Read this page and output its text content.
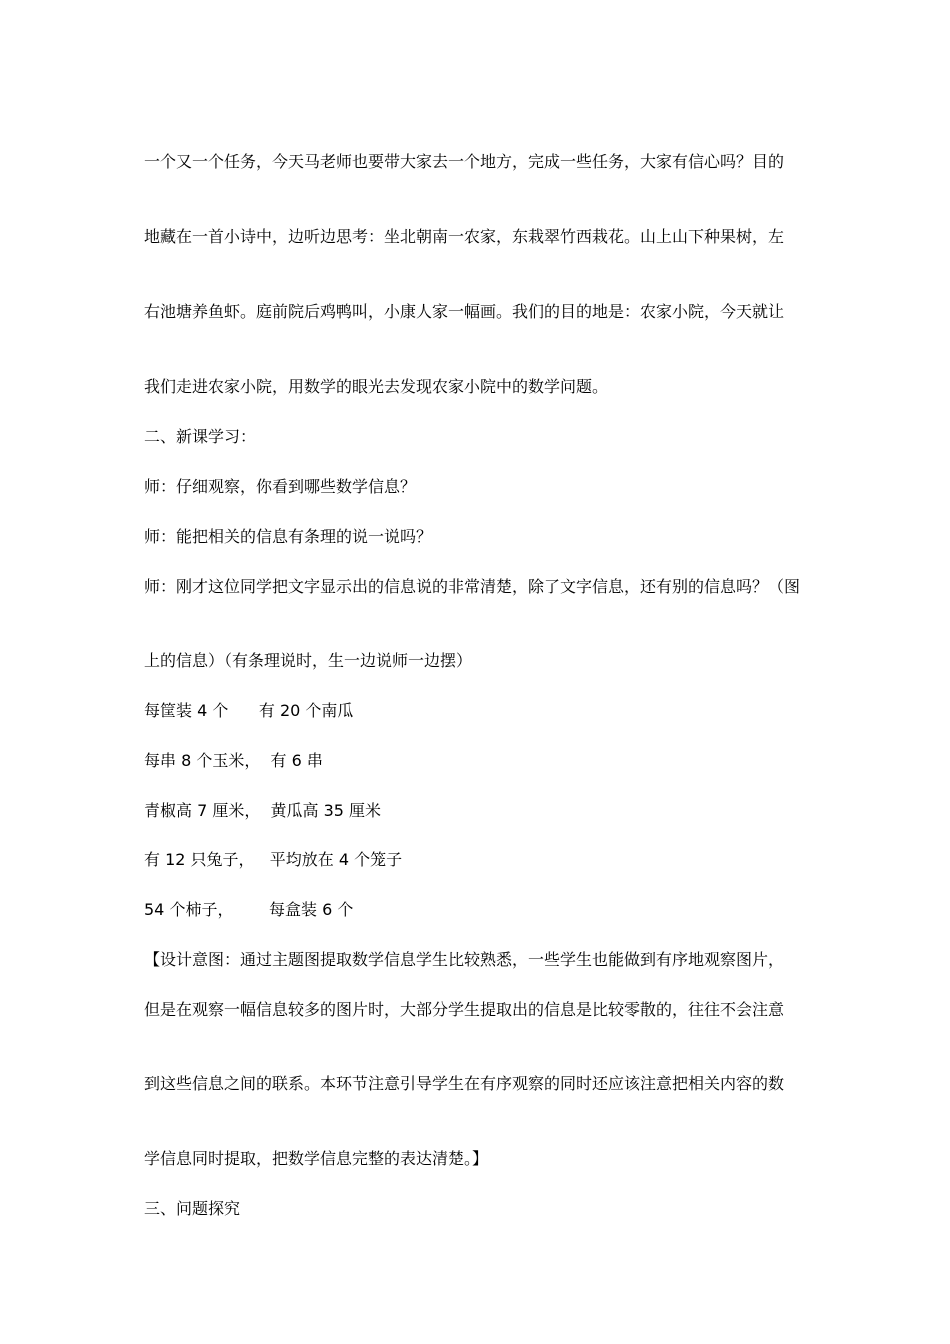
一个又一个任务，今天马老师也要带大家去一个地方，完成一些任务，大家有信心吗？目的
地藏在一首小诗中，边听边思考：坐北朝南一农家，东栽翠竹西栽花。山上山下种果树，左
右池塘养鱼虾。庭前院后鸡鸭叫，小康人家一幅画。我们的目的地是：农家小院，今天就让
我们走进农家小院，用数学的眼光去发现农家小院中的数学问题。
二、新课学习：
师：仔细观察，你看到哪些数学信息？
师：能把相关的信息有条理的说一说吗？
师：刚才这位同学把文字显示出的信息说的非常清楚，除了文字信息，还有别的信息吗？（图
上的信息）（有条理说时，生一边说师一边摆）
每筐装 4 个      有 20 个南瓜
每串 8 个玉米，  有 6 串
青椒高 7 厘米，  黄瓜高 35 厘米
有 12 只兔子，   平均放在 4 个笼子
54 个柿子，       每盒装 6 个
【设计意图：通过主题图提取数学信息学生比较熟悉，一些学生也能做到有序地观察图片，
但是在观察一幅信息较多的图片时，大部分学生提取出的信息是比较零散的，往往不会注意
到这些信息之间的联系。本环节注意引导学生在有序观察的同时还应该注意把相关内容的数
学信息同时提取，把数学信息完整的表达清楚。】
三、问题探究
